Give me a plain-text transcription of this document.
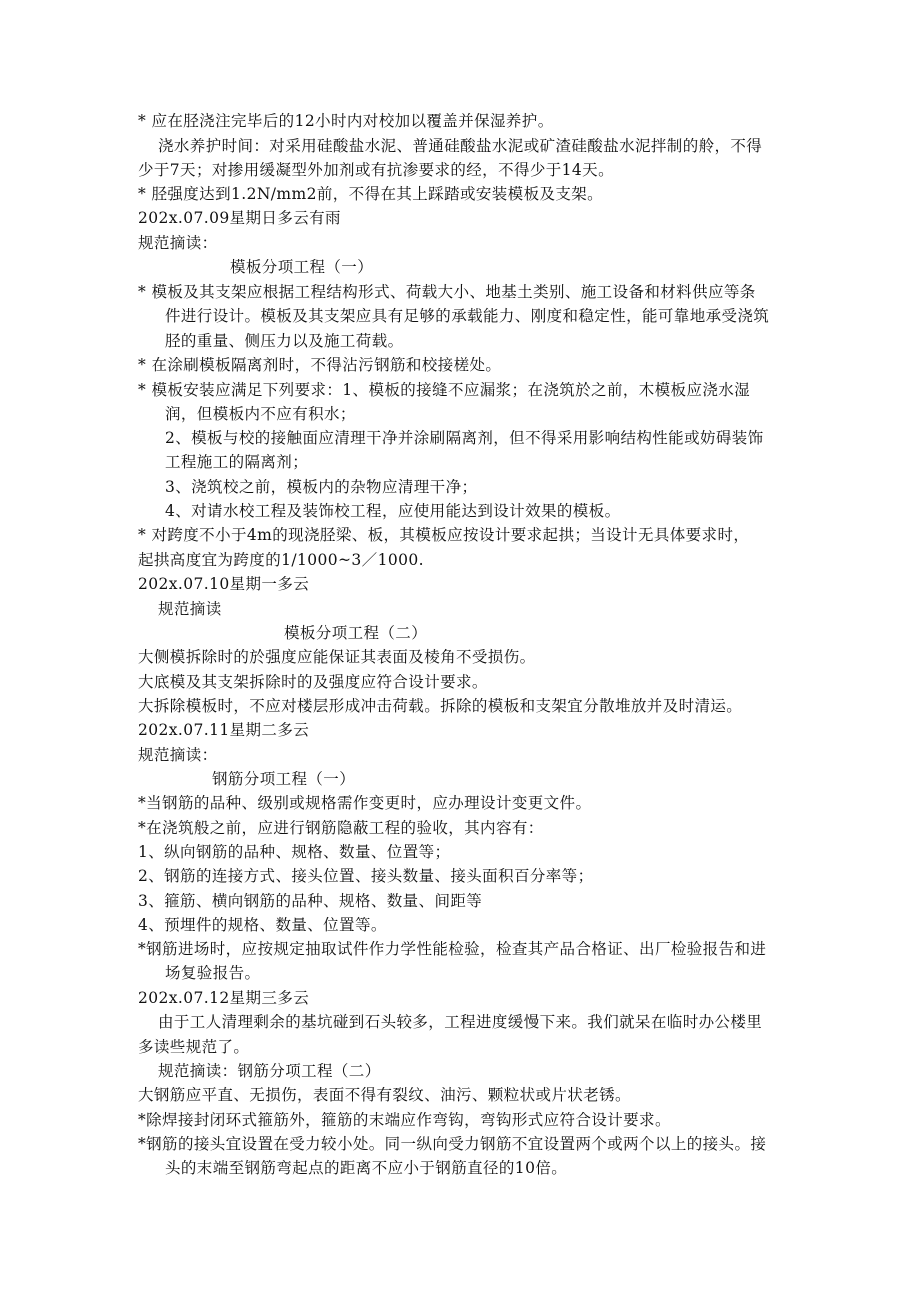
* 应在胫浇注完毕后的12小时内对校加以覆盖并保湿养护。
浇水养护时间：对采用硅酸盐水泥、普通硅酸盐水泥或矿渣硅酸盐水泥拌制的舲，不得
少于7天；对掺用缓凝型外加剂或有抗渗要求的经，不得少于14天。
* 胫强度达到1.2N/mm2前，不得在其上踩踏或安装模板及支架。
202x.07.09星期日多云有雨
规范摘读：
模板分项工程（一）
* 模板及其支架应根据工程结构形式、荷载大小、地基土类别、施工设备和材料供应等条
件进行设计。模板及其支架应具有足够的承载能力、刚度和稳定性，能可靠地承受浇筑
胫的重量、侧压力以及施工荷载。
* 在涂刷模板隔离剂时，不得沾污钢筋和校接槎处。
* 模板安装应满足下列要求：1、模板的接缝不应漏浆；在浇筑於之前，木模板应浇水湿
润，但模板内不应有积水；
2、模板与校的接触面应清理干净并涂刷隔离剂，但不得采用影响结构性能或妨碍装饰
工程施工的隔离剂；
3、浇筑校之前，模板内的杂物应清理干净；
4、对请水校工程及装饰校工程，应使用能达到设计效果的模板。
* 对跨度不小于4m的现浇胫梁、板，其模板应按设计要求起拱；当设计无具体要求时，
起拱高度宜为跨度的1/1000~3／1000.
202x.07.10星期一多云
规范摘读
模板分项工程（二）
大侧模拆除时的於强度应能保证其表面及棱角不受损伤。
大底模及其支架拆除时的及强度应符合设计要求。
大拆除模板时，不应对楼层形成冲击荷载。拆除的模板和支架宜分散堆放并及时清运。
202x.07.11星期二多云
规范摘读：
钢筋分项工程（一）
*当钢筋的品种、级别或规格需作变更时，应办理设计变更文件。
*在浇筑般之前，应进行钢筋隐蔽工程的验收，其内容有：
1、纵向钢筋的品种、规格、数量、位置等；
2、钢筋的连接方式、接头位置、接头数量、接头面积百分率等；
3、箍筋、横向钢筋的品种、规格、数量、间距等
4、预埋件的规格、数量、位置等。
*钢筋进场时，应按规定抽取试件作力学性能检验，检查其产品合格证、出厂检验报告和进
场复验报告。
202x.07.12星期三多云
由于工人清理剩余的基坑碰到石头较多，工程进度缓慢下来。我们就呆在临时办公楼里
多读些规范了。
规范摘读：钢筋分项工程（二）
大钢筋应平直、无损伤，表面不得有裂纹、油污、颗粒状或片状老锈。
*除焊接封闭环式箍筋外，箍筋的末端应作弯钩，弯钩形式应符合设计要求。
*钢筋的接头宜设置在受力较小处。同一纵向受力钢筋不宜设置两个或两个以上的接头。接
头的末端至钢筋弯起点的距离不应小于钢筋直径的10倍。
